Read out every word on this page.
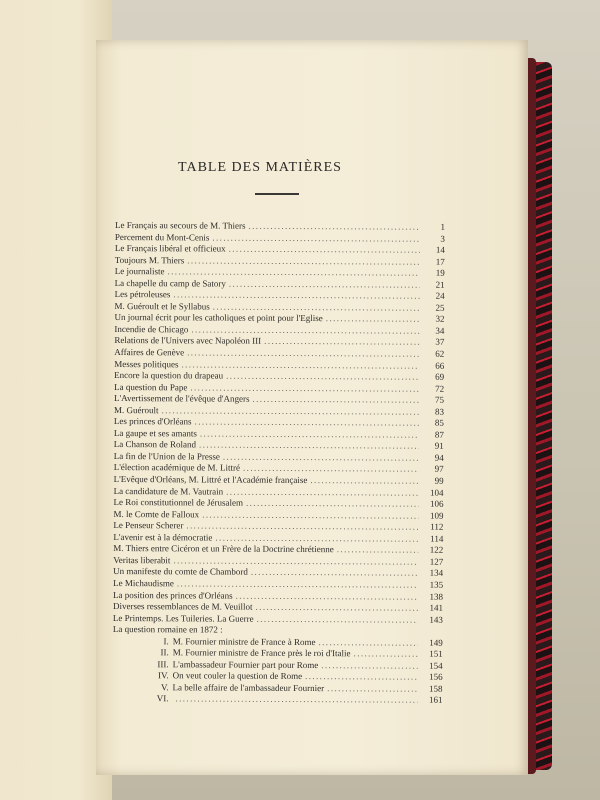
TABLE DES MATIÈRES
Le Français au secours de M. Thiers .....	1
Percement du Mont-Cenis .....	3
Le Français libéral et officieux .....	14
Toujours M. Thiers .....	17
Le journaliste .....	19
La chapelle du camp de Satory .....	21
Les pétroleuses .....	24
M. Guéroult et le Syllabus .....	25
Un journal écrit pour les catholiques et point pour l'Eglise .....	32
Incendie de Chicago .....	34
Relations de l'Univers avec Napoléon III .....	37
Affaires de Genève .....	62
Messes politiques .....	66
Encore la question du drapeau .....	69
La question du Pape .....	72
L'Avertissement de l'évêque d'Angers .....	75
M. Guéroult .....	83
Les princes d'Orléans .....	85
La gaupe et ses amants .....	87
La Chanson de Roland .....	91
La fin de l'Union de la Presse .....	94
L'élection académique de M. Littré .....	97
L'Evêque d'Orléans, M. Littré et l'Académie française .....	99
La candidature de M. Vautrain .....	104
Le Roi constitutionnel de Jérusalem .....	106
M. le Comte de Falloux .....	109
Le Penseur Scherer .....	112
L'avenir est à la démocratie .....	114
M. Thiers entre Cicéron et un Frère de la Doctrine chrétienne .....	122
Veritas liberabit .....	127
Un manifeste du comte de Chambord .....	134
Le Michaudisme .....	135
La position des princes d'Orléans .....	138
Diverses ressemblances de M. Veuillot .....	141
Le Printemps. Les Tuileries. La Guerre .....	143
La question romaine en 1872 :
I. M. Fournier ministre de France à Rome .....	149
II. M. Fournier ministre de France près le roi d'Italie .....	151
III. L'ambassadeur Fournier part pour Rome .....	154
IV. On veut couler la question de Rome .....	156
V. La belle affaire de l'ambassadeur Fournier .....	158
VI. .....	161
